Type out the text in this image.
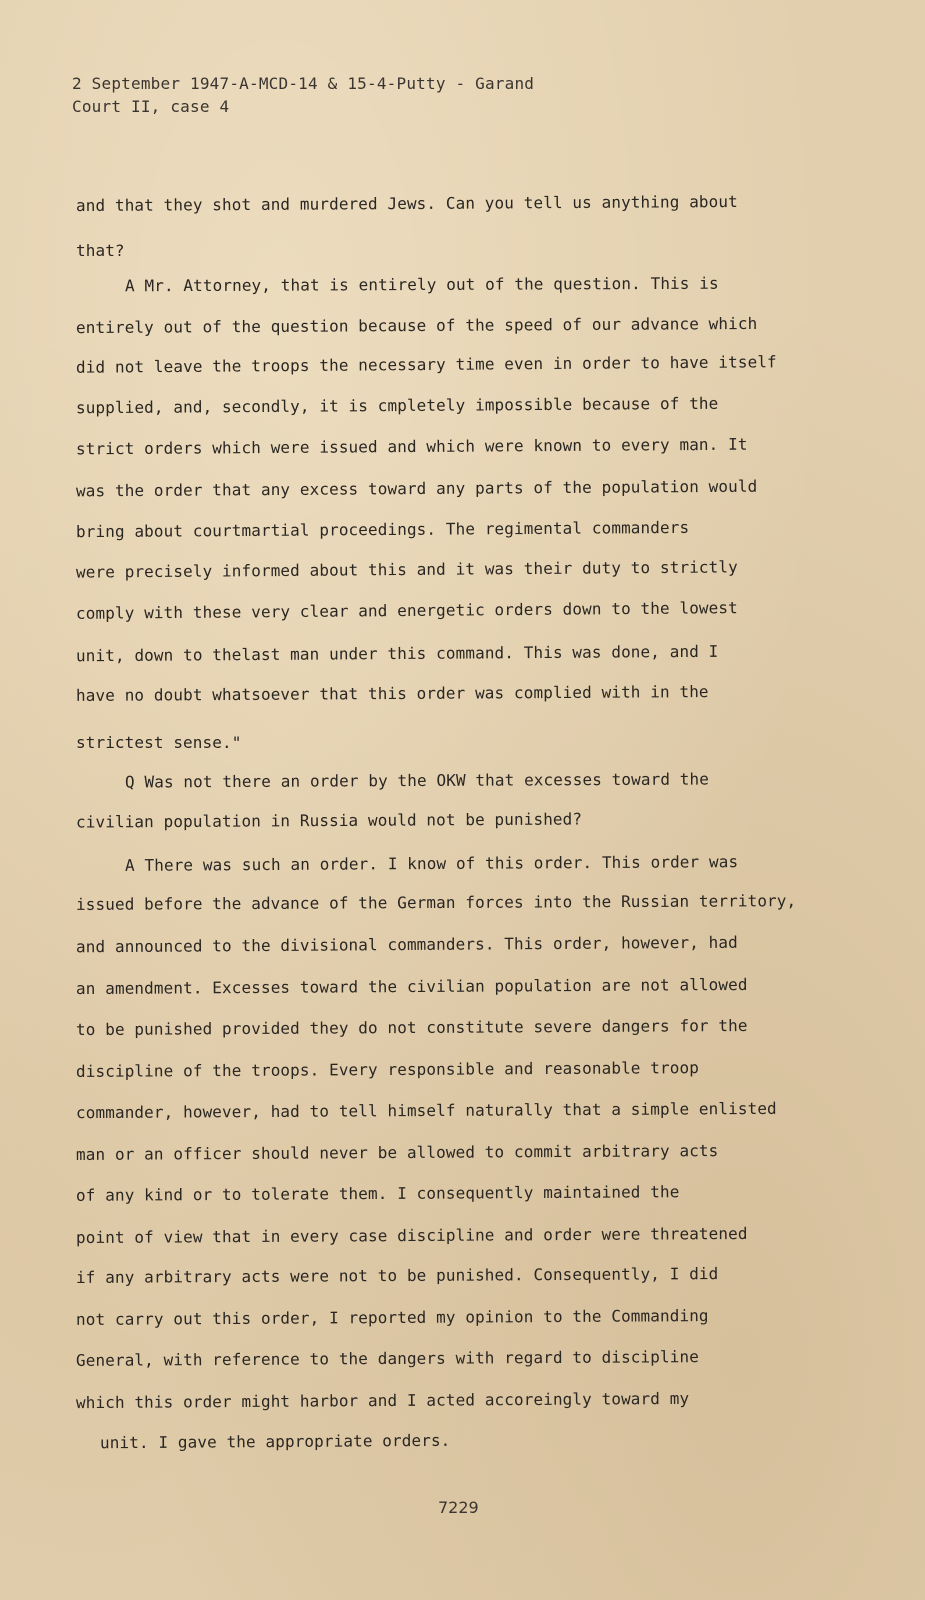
2 September 1947-A-MCD-14 & 15-4-Putty - Garand
Court II, case 4
and that they shot and murdered Jews. Can you tell us anything about
that?
A Mr. Attorney, that is entirely out of the question. This is
entirely out of the question because of the speed of our advance which
did not leave the troops the necessary time even in order to have itself
supplied, and, secondly, it is cmpletely impossible because of the
strict orders which were issued and which were known to every man. It
was the order that any excess toward any parts of the population would
bring about courtmartial proceedings. The regimental commanders
were precisely informed about this and it was their duty to strictly
comply with these very clear and energetic orders down to the lowest
unit, down to thelast man under this command. This was done, and I
have no doubt whatsoever that this order was complied with in the
strictest sense."
Q Was not there an order by the OKW that excesses toward the
civilian population in Russia would not be punished?
A There was such an order. I know of this order. This order was
issued before the advance of the German forces into the Russian territory,
and announced to the divisional commanders. This order, however, had
an amendment. Excesses toward the civilian population are not allowed
to be punished provided they do not constitute severe dangers for the
discipline of the troops. Every responsible and reasonable troop
commander, however, had to tell himself naturally that a simple enlisted
man or an officer should never be allowed to commit arbitrary acts
of any kind or to tolerate them. I consequently maintained the
point of view that in every case discipline and order were threatened
if any arbitrary acts were not to be punished. Consequently, I did
not carry out this order, I reported my opinion to the Commanding
General, with reference to the dangers with regard to discipline
which this order might harbor and I acted accoreingly toward my
unit. I gave the appropriate orders.
7229
